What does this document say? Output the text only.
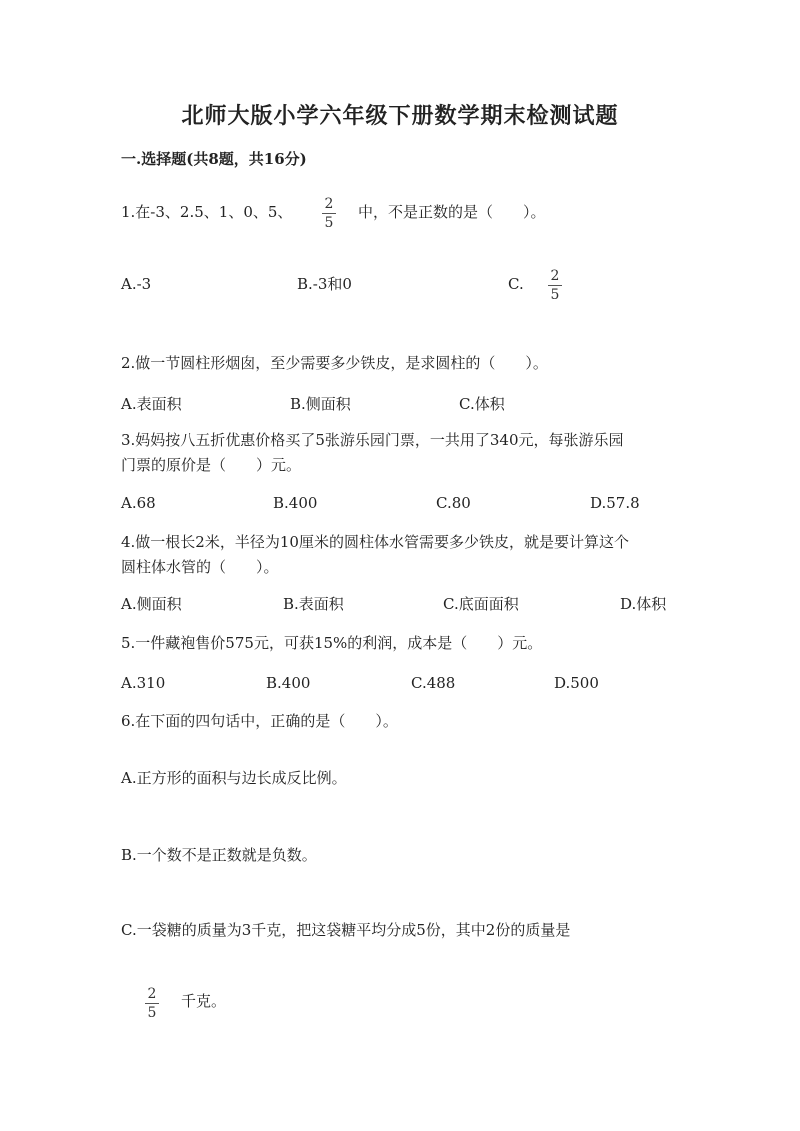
北师大版小学六年级下册数学期末检测试题
一.选择题(共8题，共16分)
1.在-3、2.5、1、0、5、 2
5
中，不是正数的是（　　）。
A.-3	B.-3和0	C. 2
5
2.做一节圆柱形烟囱，至少需要多少铁皮，是求圆柱的（　　）。
A.表面积	B.侧面积	C.体积
3.妈妈按八五折优惠价格买了5张游乐园门票，一共用了340元，每张游乐园
门票的原价是（　　）元。
A.68	B.400	C.80	D.57.8
4.做一根长2米，半径为10厘米的圆柱体水管需要多少铁皮，就是要计算这个
圆柱体水管的（　　）。
A.侧面积	B.表面积	C.底面面积	D.体积
5.一件藏袍售价575元，可获15%的利润，成本是（　　）元。
A.310	B.400	C.488	D.500
6.在下面的四句话中，正确的是（　　）。
A.正方形的面积与边长成反比例。
B.一个数不是正数就是负数。
C.一袋糖的质量为3千克，把这袋糖平均分成5份，其中2份的质量是
2
5
千克。
